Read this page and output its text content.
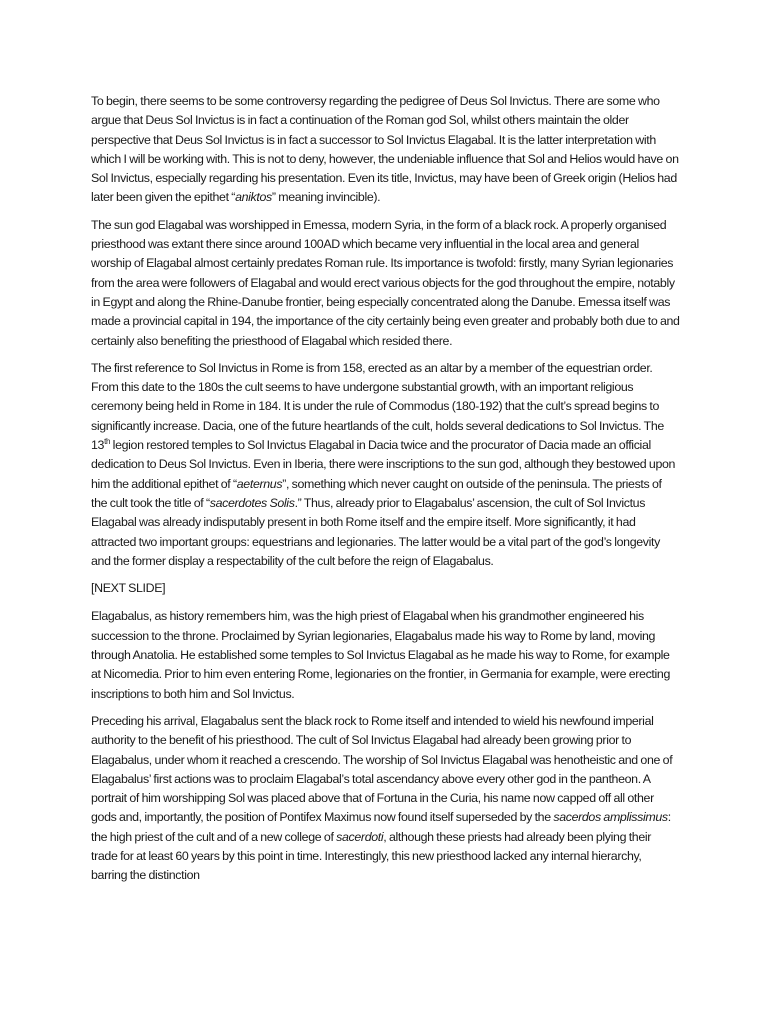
To begin, there seems to be some controversy regarding the pedigree of Deus Sol Invictus. There are some who argue that Deus Sol Invictus is in fact a continuation of the Roman god Sol, whilst others maintain the older perspective that Deus Sol Invictus is in fact a successor to Sol Invictus Elagabal. It is the latter interpretation with which I will be working with. This is not to deny, however, the undeniable influence that Sol and Helios would have on Sol Invictus, especially regarding his presentation. Even its title, Invictus, may have been of Greek origin (Helios had later been given the epithet “aniktos” meaning invincible).

The sun god Elagabal was worshipped in Emessa, modern Syria, in the form of a black rock. A properly organised priesthood was extant there since around 100AD which became very influential in the local area and general worship of Elagabal almost certainly predates Roman rule. Its importance is twofold: firstly, many Syrian legionaries from the area were followers of Elagabal and would erect various objects for the god throughout the empire, notably in Egypt and along the Rhine-Danube frontier, being especially concentrated along the Danube. Emessa itself was made a provincial capital in 194, the importance of the city certainly being even greater and probably both due to and certainly also benefiting the priesthood of Elagabal which resided there.

The first reference to Sol Invictus in Rome is from 158, erected as an altar by a member of the equestrian order. From this date to the 180s the cult seems to have undergone substantial growth, with an important religious ceremony being held in Rome in 184. It is under the rule of Commodus (180-192) that the cult’s spread begins to significantly increase. Dacia, one of the future heartlands of the cult, holds several dedications to Sol Invictus. The 13th legion restored temples to Sol Invictus Elagabal in Dacia twice and the procurator of Dacia made an official dedication to Deus Sol Invictus. Even in Iberia, there were inscriptions to the sun god, although they bestowed upon him the additional epithet of “aeternus”, something which never caught on outside of the peninsula. The priests of the cult took the title of “sacerdotes Solis.” Thus, already prior to Elagabalus’ ascension, the cult of Sol Invictus Elagabal was already indisputably present in both Rome itself and the empire itself. More significantly, it had attracted two important groups: equestrians and legionaries. The latter would be a vital part of the god’s longevity and the former display a respectability of the cult before the reign of Elagabalus.

[NEXT SLIDE]

Elagabalus, as history remembers him, was the high priest of Elagabal when his grandmother engineered his succession to the throne. Proclaimed by Syrian legionaries, Elagabalus made his way to Rome by land, moving through Anatolia. He established some temples to Sol Invictus Elagabal as he made his way to Rome, for example at Nicomedia. Prior to him even entering Rome, legionaries on the frontier, in Germania for example, were erecting inscriptions to both him and Sol Invictus.

Preceding his arrival, Elagabalus sent the black rock to Rome itself and intended to wield his newfound imperial authority to the benefit of his priesthood. The cult of Sol Invictus Elagabal had already been growing prior to Elagabalus, under whom it reached a crescendo. The worship of Sol Invictus Elagabal was henotheistic and one of Elagabalus’ first actions was to proclaim Elagabal’s total ascendancy above every other god in the pantheon. A portrait of him worshipping Sol was placed above that of Fortuna in the Curia, his name now capped off all other gods and, importantly, the position of Pontifex Maximus now found itself superseded by the sacerdos amplissimus: the high priest of the cult and of a new college of sacerdoti, although these priests had already been plying their trade for at least 60 years by this point in time. Interestingly, this new priesthood lacked any internal hierarchy, barring the distinction
